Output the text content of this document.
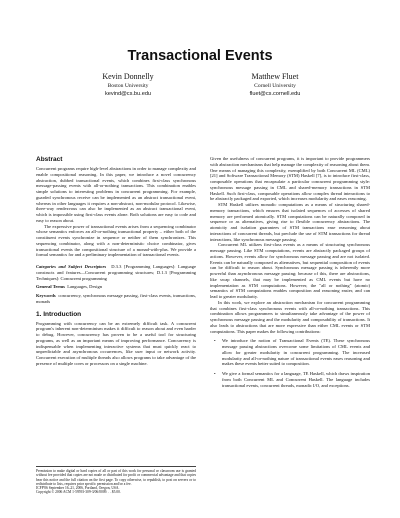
Transactional Events
Kevin Donnelly
Boston University
kevind@cs.bu.edu
Matthew Fluet
Cornell University
fluet@cs.cornell.edu
Abstract

Concurrent programs require high-level abstractions in order to manage complexity and enable compositional reasoning. In this paper, we introduce a novel concurrency abstraction, dubbed transactional events, which combines first-class synchronous message-passing events with all-or-nothing transactions. This combination enables simple solutions to interesting problems in concurrent programming. For example, guarded synchronous receive can be implemented as an abstract transactional event, whereas in other languages it requires a non-abstract, non-modular protocol. Likewise, three-way rendezvous can also be implemented as an abstract transactional event, which is impossible using first-class events alone. Both solutions are easy to code and easy to reason about.

The expressive power of transactional events arises from a sequencing combinator whose semantics enforces an all-or-nothing transactional property – either both of the constituent events synchronize in sequence or neither of them synchronizes. This sequencing combinator, along with a non-deterministic choice combinator, gives transactional events the compositional structure of a monad-with-plus. We provide a formal semantics for and a preliminary implementation of transactional events.

Categories and Subject Descriptors D.3.3 [Programming Languages]: Language constructs and features—Concurrent programming structures; D.1.3 [Programming Techniques]: Concurrent programming
General Terms Languages, Design
Keywords concurrency, synchronous message passing, first-class events, transactions, monads
1. Introduction

Programming with concurrency can be an extremely difficult task. A concurrent program's inherent non-determinism makes it difficult to reason about and even harder to debug. However, concurrency has proven to be a useful tool for structuring programs, as well as an important means of improving performance. Concurrency is indispensable when implementing interactive systems that must quickly react to unpredictable and asynchronous occurrences, like user input or network activity. Concurrent execution of multiple threads also allows programs to take advantage of the presence of multiple cores or processors on a single machine.

Permission to make digital or hard copies of all or part of this work for personal or classroom use is granted without fee provided that copies are not made or distributed for profit or commercial advantage and that copies bear this notice and the full citation on the first page. To copy otherwise, to republish, to post on servers or to redistribute to lists, requires prior specific permission and/or a fee.

ICFP'06 September 16–21, 2006, Portland, Oregon, USA.

Copyright © 2006 ACM 1-59593-309-3/06/0009. . . $5.00.

Given the usefulness of concurrent programs, it is important to provide programmers with abstraction mechanisms that help manage the complexity of reasoning about them. One means of managing this complexity, exemplified by both Concurrent ML (CML) [21] and Software Transactional Memory (STM) Haskell [7], is to introduce first-class, composable operations that encapsulate a particular concurrent programming style: synchronous message passing in CML and shared-memory transactions in STM Haskell. Such first-class, composable operations allow complex thread interactions to be abstractly packaged and exported, which increases modularity and eases reasoning.

STM Haskell utilizes monadic computations as a means of structuring shared-memory transactions, which ensures that isolated sequences of accesses of shared memory are performed atomically. STM computations can be naturally composed in sequence or as alternatives, giving rise to flexible concurrency abstractions. The atomicity and isolation guarantees of STM transactions ease reasoning about interactions of concurrent threads, but preclude the use of STM transactions for thread interactions, like synchronous message passing.

Concurrent ML utilizes first-class events as a means of structuring synchronous message passing. Like STM computations, events are abstractly packaged groups of actions. However, events allow for synchronous message passing and are not isolated. Events can be naturally composed as alternatives, but sequential composition of events can be difficult to reason about. Synchronous message passing is inherently more powerful than asynchronous message passing; because of this, there are abstractions, like swap channels, that may be implemented as CML events but have no implementation as STM computations. However, the "all or nothing" (atomic) semantics of STM computations enables composition and reasoning easier, and can lead to greater modularity.

In this work, we explore an abstraction mechanism for concurrent programming that combines first-class synchronous events with all-or-nothing transactions. This combination allows programmers to simultaneously take advantage of the power of synchronous message passing and the modularity and composability of transactions. It also leads to abstractions that are more expressive than either CML events or STM computations. This paper makes the following contributions:

• We introduce the notion of Transactional Events (TE). These synchronous message passing abstractions overcome some limitations of CML events and allow for greater modularity in concurrent programming. The increased modularity and all-or-nothing nature of transactional events eases reasoning and makes these events better suited to composition.
• We give a formal semantics for a language, TE Haskell, which draws inspiration from both Concurrent ML and Concurrent Haskell. The language includes transactional events, concurrent threads, monadic I/O, and exceptions.
